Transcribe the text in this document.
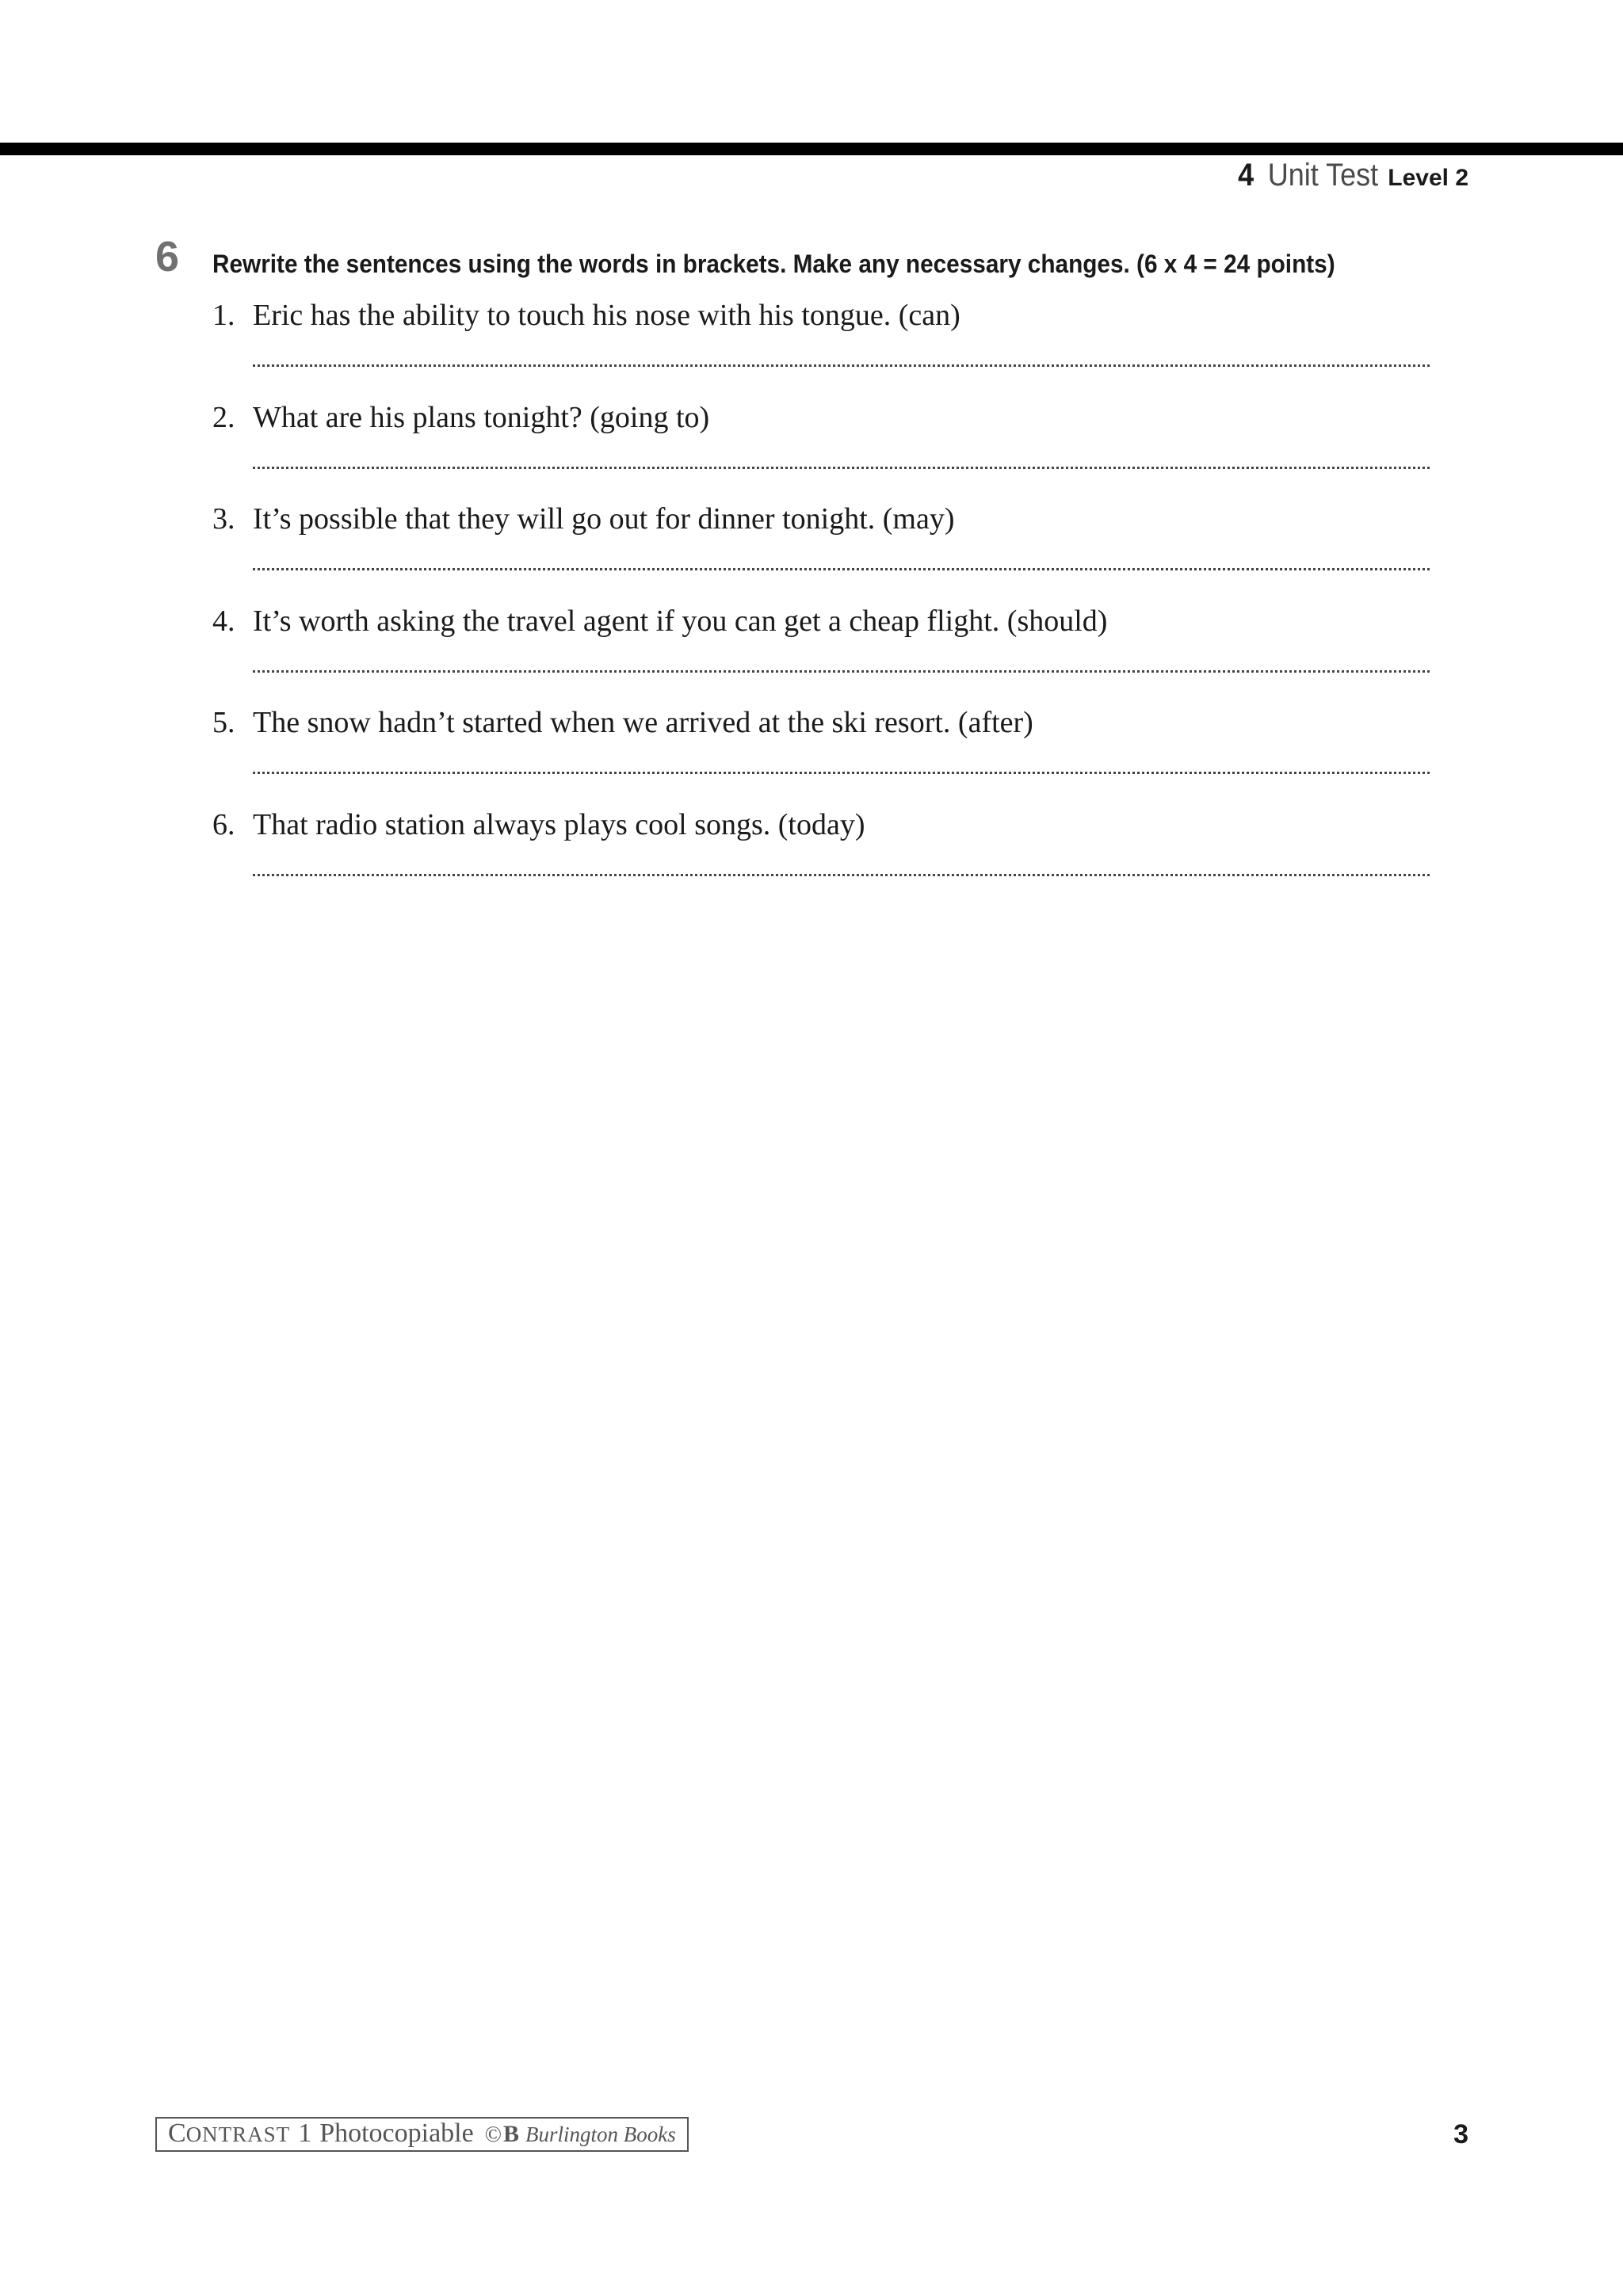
4 Unit Test Level 2
6 Rewrite the sentences using the words in brackets. Make any necessary changes. (6 x 4 = 24 points)
1. Eric has the ability to touch his nose with his tongue. (can)
2. What are his plans tonight? (going to)
3. It’s possible that they will go out for dinner tonight. (may)
4. It’s worth asking the travel agent if you can get a cheap flight. (should)
5. The snow hadn’t started when we arrived at the ski resort. (after)
6. That radio station always plays cool songs. (today)
CONTRAST 1 Photocopiable ©B Burlington Books	3
